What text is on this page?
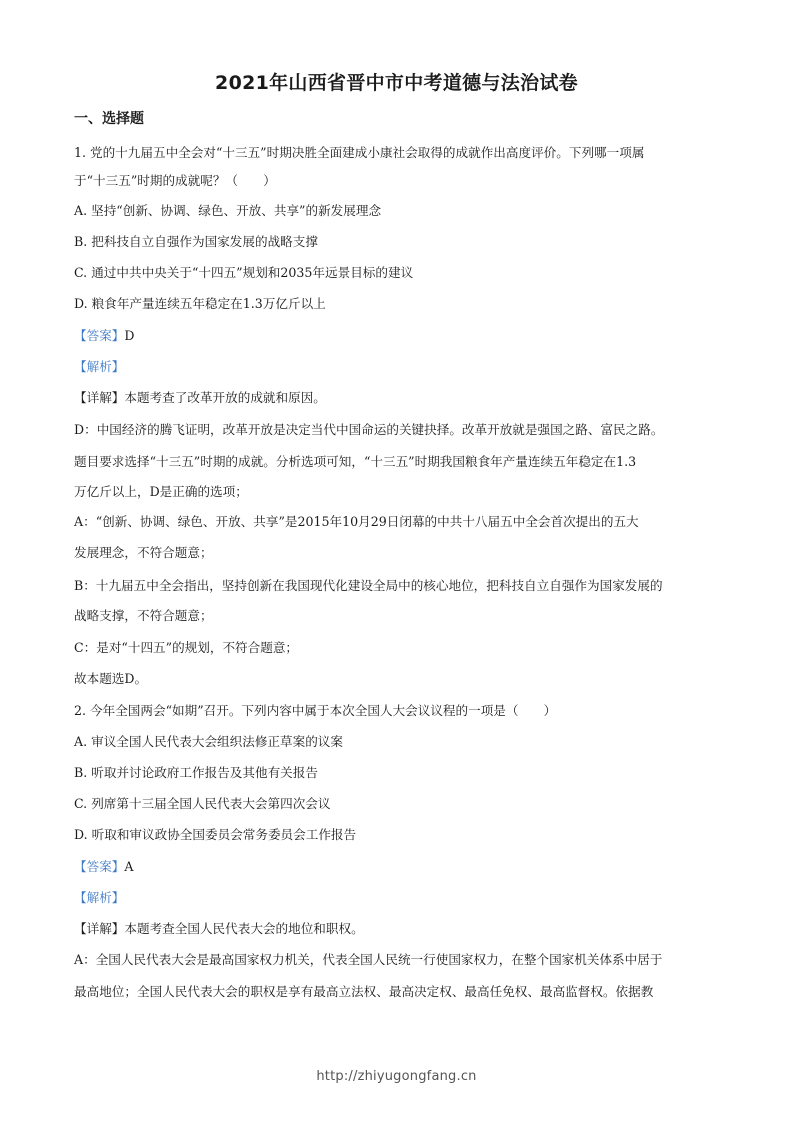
2021年山西省晋中市中考道德与法治试卷
一、选择题
1. 党的十九届五中全会对“十三五”时期决胜全面建成小康社会取得的成就作出高度评价。下列哪一项属
于“十三五”时期的成就呢？（　　）
A. 坚持“创新、协调、绿色、开放、共享”的新发展理念
B. 把科技自立自强作为国家发展的战略支撑
C. 通过中共中央关于“十四五”规划和2035年远景目标的建议
D. 粮食年产量连续五年稳定在1.3万亿斤以上
【答案】D
【解析】
【详解】本题考查了改革开放的成就和原因。
D：中国经济的腾飞证明，改革开放是决定当代中国命运的关键抉择。改革开放就是强国之路、富民之路。
题目要求选择“十三五”时期的成就。分析选项可知，“十三五”时期我国粮食年产量连续五年稳定在1.3
万亿斤以上，D是正确的选项；
A：“创新、协调、绿色、开放、共享”是2015年10月29日闭幕的中共十八届五中全会首次提出的五大
发展理念，不符合题意；
B：十九届五中全会指出，坚持创新在我国现代化建设全局中的核心地位，把科技自立自强作为国家发展的
战略支撑，不符合题意；
C：是对“十四五”的规划，不符合题意；
故本题选D。
2. 今年全国两会“如期”召开。下列内容中属于本次全国人大会议议程的一项是（　　）
A. 审议全国人民代表大会组织法修正草案的议案
B. 听取并讨论政府工作报告及其他有关报告
C. 列席第十三届全国人民代表大会第四次会议
D. 听取和审议政协全国委员会常务委员会工作报告
【答案】A
【解析】
【详解】本题考查全国人民代表大会的地位和职权。
A：全国人民代表大会是最高国家权力机关，代表全国人民统一行使国家权力，在整个国家机关体系中居于
最高地位；全国人民代表大会的职权是享有最高立法权、最高决定权、最高任免权、最高监督权。依据教
http://zhiyugongfang.cn
